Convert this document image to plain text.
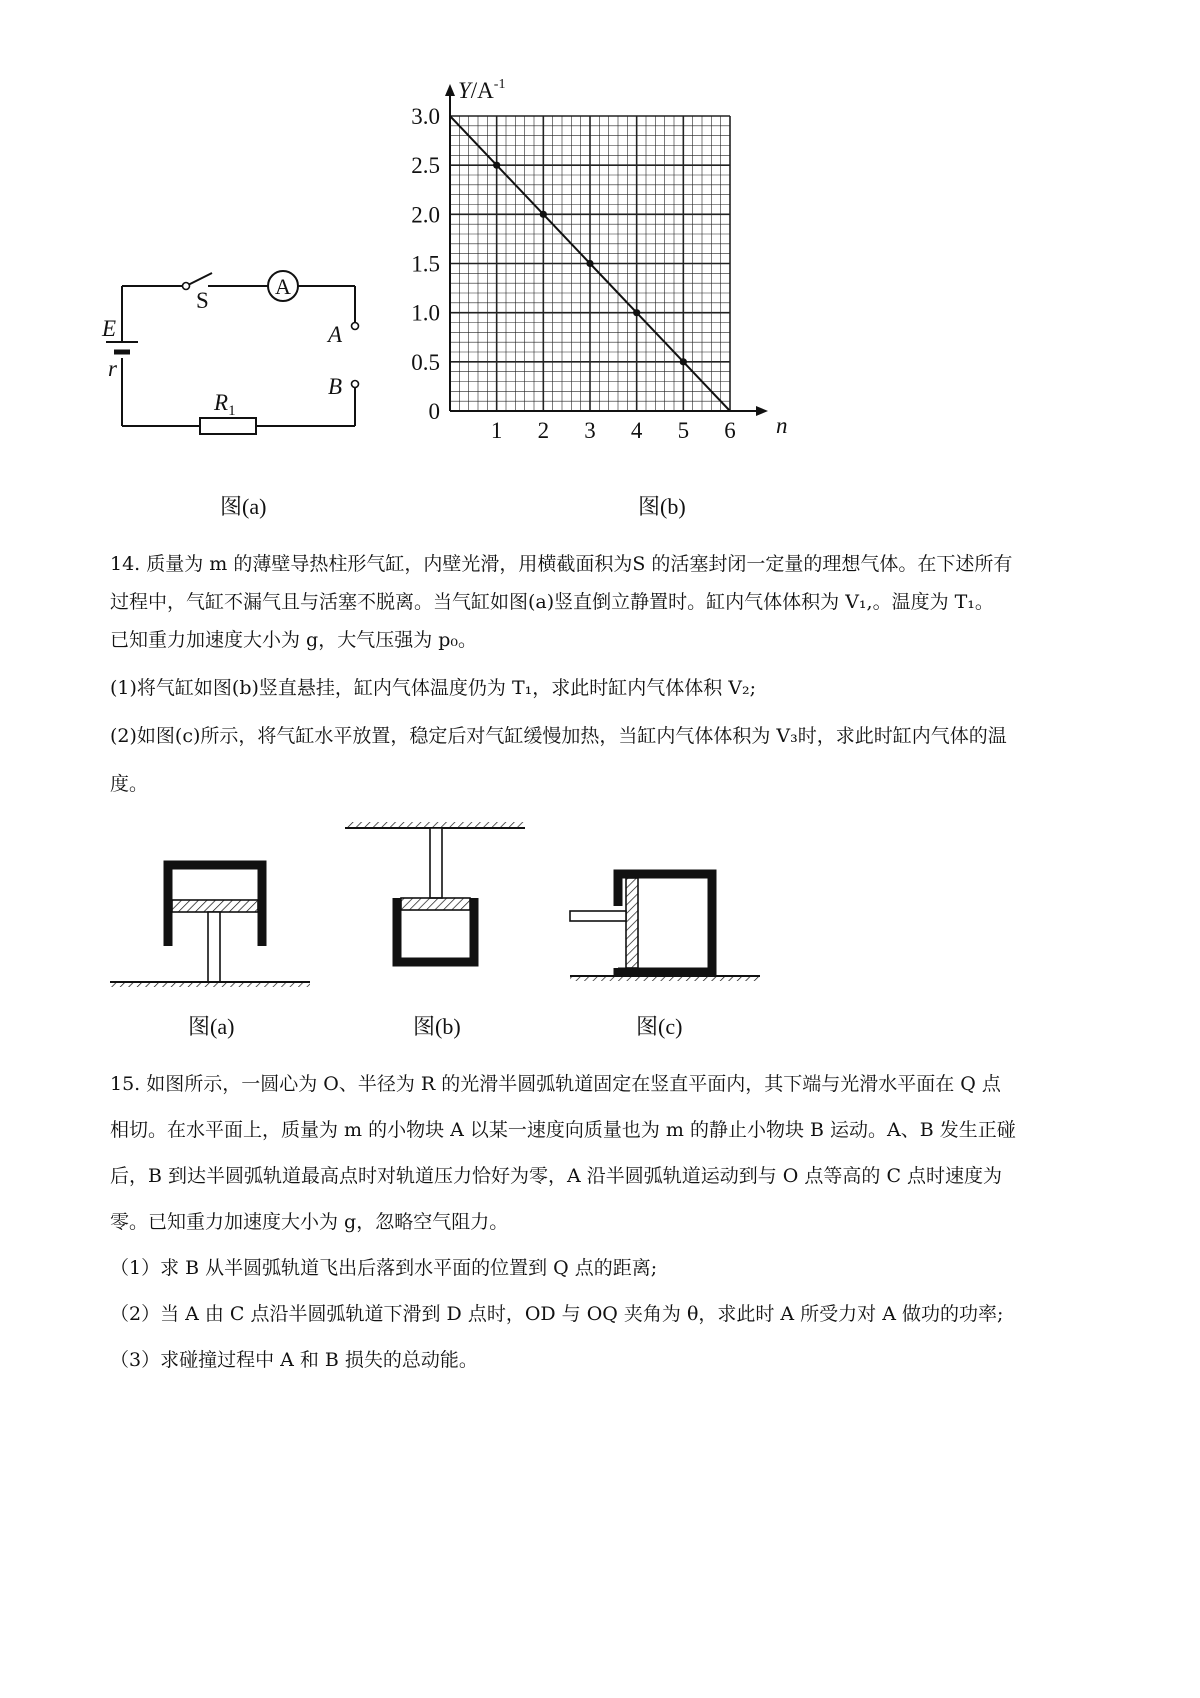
E
r
S
A
A
B
$R_1$
图(a)
1 2 3 4 5 6
0
0.5
1.0
1.5
2.0
2.5
3.0
n
$Y/A^{-1}$
图(b)
14. 质量为 m 的薄壁导热柱形气缸，内壁光滑，用横截面积为S 的活塞封闭一定量的理想气体。在下述所有
过程中，气缸不漏气且与活塞不脱离。当气缸如图(a)竖直倒立静置时。缸内气体体积为 V₁,。温度为 T₁。
已知重力加速度大小为 g，大气压强为 p₀。
(1)将气缸如图(b)竖直悬挂，缸内气体温度仍为 T₁，求此时缸内气体体积 V₂;
(2)如图(c)所示，将气缸水平放置，稳定后对气缸缓慢加热，当缸内气体体积为 V₃时，求此时缸内气体的温
度。
图(a)	图(b)	图(c)
15. 如图所示，一圆心为 O、半径为 R 的光滑半圆弧轨道固定在竖直平面内，其下端与光滑水平面在 Q 点
相切。在水平面上，质量为 m 的小物块 A 以某一速度向质量也为 m 的静止小物块 B 运动。A、B 发生正碰
后，B 到达半圆弧轨道最高点时对轨道压力恰好为零，A 沿半圆弧轨道运动到与 O 点等高的 C 点时速度为
零。已知重力加速度大小为 g，忽略空气阻力。
（1）求 B 从半圆弧轨道飞出后落到水平面的位置到 Q 点的距离;
（2）当 A 由 C 点沿半圆弧轨道下滑到 D 点时，OD 与 OQ 夹角为 θ，求此时 A 所受力对 A 做功的功率;
（3）求碰撞过程中 A 和 B 损失的总动能。
